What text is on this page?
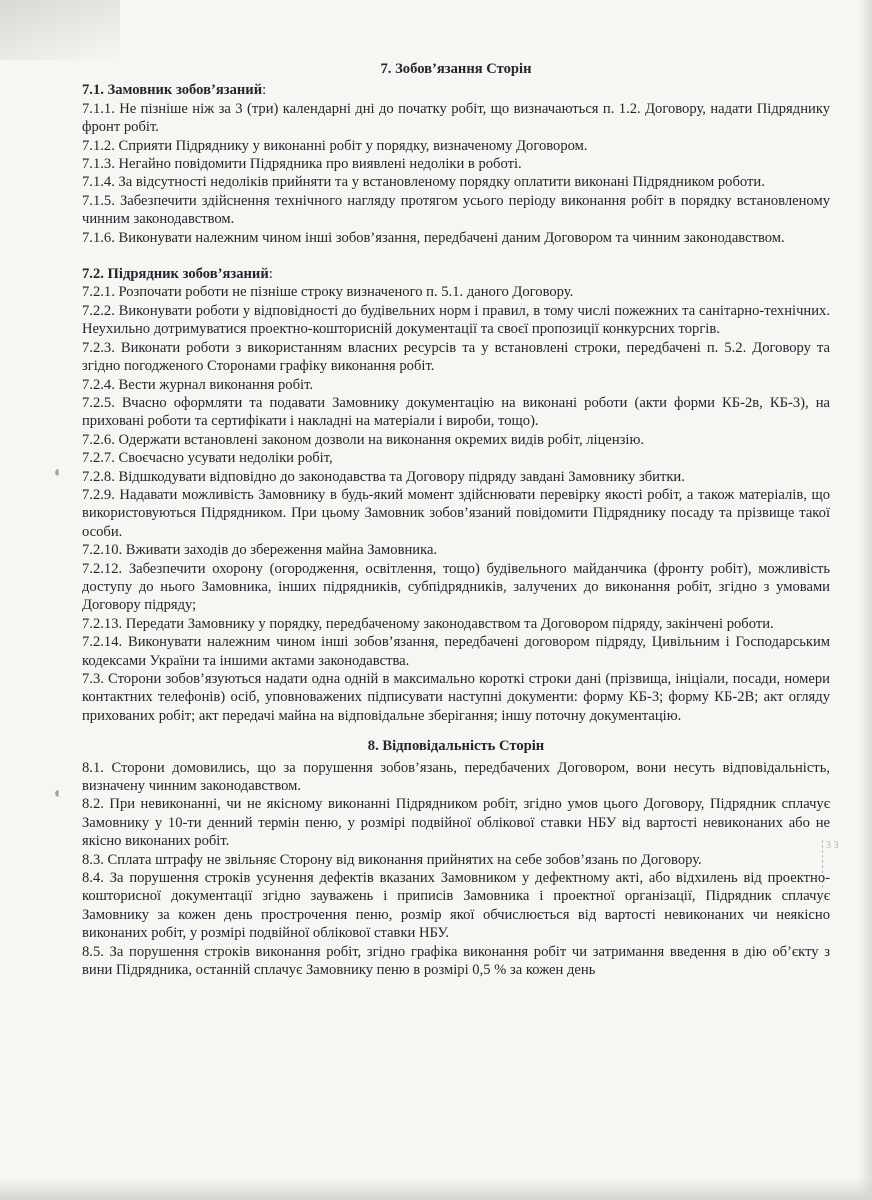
◖
◖
3 3

7. Зобов’язання Сторін

7.1. Замовник зобов’язаний:

7.1.1. Не пізніше ніж за 3 (три) календарні дні до початку робіт, що визначаються п. 1.2. Договору, надати Підряднику фронт робіт.

7.1.2. Сприяти Підряднику у виконанні робіт у порядку, визначеному Договором.

7.1.3. Негайно повідомити Підрядника про виявлені недоліки в роботі.

7.1.4. За відсутності недоліків прийняти та у встановленому порядку оплатити виконані Підрядником роботи.

7.1.5. Забезпечити здійснення технічного нагляду протягом усього періоду виконання робіт в порядку встановленому чинним законодавством.

7.1.6. Виконувати належним чином інші зобов’язання, передбачені даним Договором та чинним законодавством.

7.2. Підрядник зобов’язаний:

7.2.1. Розпочати роботи не пізніше строку визначеного п. 5.1. даного Договору.

7.2.2. Виконувати роботи у відповідності до будівельних норм і правил, в тому числі пожежних та санітарно-технічних. Неухильно дотримуватися проектно-кошторисній документації та своєї пропозиції конкурсних торгів.

7.2.3. Виконати роботи з використанням власних ресурсів та у встановлені строки, передбачені п. 5.2. Договору та згідно погодженого Сторонами графіку виконання робіт.

7.2.4. Вести журнал виконання робіт.

7.2.5. Вчасно оформляти та подавати Замовнику документацію на виконані роботи (акти форми КБ-2в, КБ-3), на приховані роботи та сертифікати і накладні на матеріали і вироби, тощо).

7.2.6. Одержати встановлені законом дозволи на виконання окремих видів робіт, ліцензію.

7.2.7. Своєчасно усувати недоліки робіт,

7.2.8. Відшкодувати відповідно до законодавства та Договору підряду завдані Замовнику збитки.

7.2.9. Надавати можливість Замовнику в будь-який момент здійснювати перевірку якості робіт, а також матеріалів, що використовуються Підрядником. При цьому Замовник зобов’язаний повідомити Підряднику посаду та прізвище такої особи.

7.2.10. Вживати заходів до збереження майна Замовника.

7.2.12. Забезпечити охорону (огородження, освітлення, тощо) будівельного майданчика (фронту робіт), можливість доступу до нього Замовника, інших підрядників, субпідрядників, залучених до виконання робіт, згідно з умовами Договору підряду;

7.2.13. Передати Замовнику у порядку, передбаченому законодавством та Договором підряду, закінчені роботи.

7.2.14. Виконувати належним чином інші зобов’язання, передбачені договором підряду, Цивільним і Господарським кодексами України та іншими актами законодавства.

7.3. Сторони зобов’язуються надати одна одній в максимально короткі строки дані (прізвища, ініціали, посади, номери контактних телефонів) осіб, уповноважених підписувати наступні документи: форму КБ-3; форму КБ-2В; акт огляду прихованих робіт; акт передачі майна на відповідальне зберігання; іншу поточну документацію.

8. Відповідальність Сторін

8.1. Сторони домовились, що за порушення зобов’язань, передбачених Договором, вони несуть відповідальність, визначену чинним законодавством.

8.2. При невиконанні, чи не якісному виконанні Підрядником робіт, згідно умов цього Договору, Підрядник сплачує Замовнику у 10-ти денний термін пеню, у розмірі подвійної облікової ставки НБУ від вартості невиконаних або не якісно виконаних робіт.

8.3. Сплата штрафу не звільняє Сторону від виконання прийнятих на себе зобов’язань по Договору.

8.4. За порушення строків усунення дефектів вказаних Замовником у дефектному акті, або відхилень від проектно-кошторисної документації згідно зауважень і приписів Замовника і проектної організації, Підрядник сплачує Замовнику за кожен день прострочення пеню, розмір якої обчислюється від вартості невиконаних чи неякісно виконаних робіт, у розмірі подвійної облікової ставки НБУ.

8.5. За порушення строків виконання робіт, згідно графіка виконання робіт чи затримання введення в дію об’єкту з вини Підрядника, останній сплачує Замовнику пеню в розмірі 0,5 % за кожен день
